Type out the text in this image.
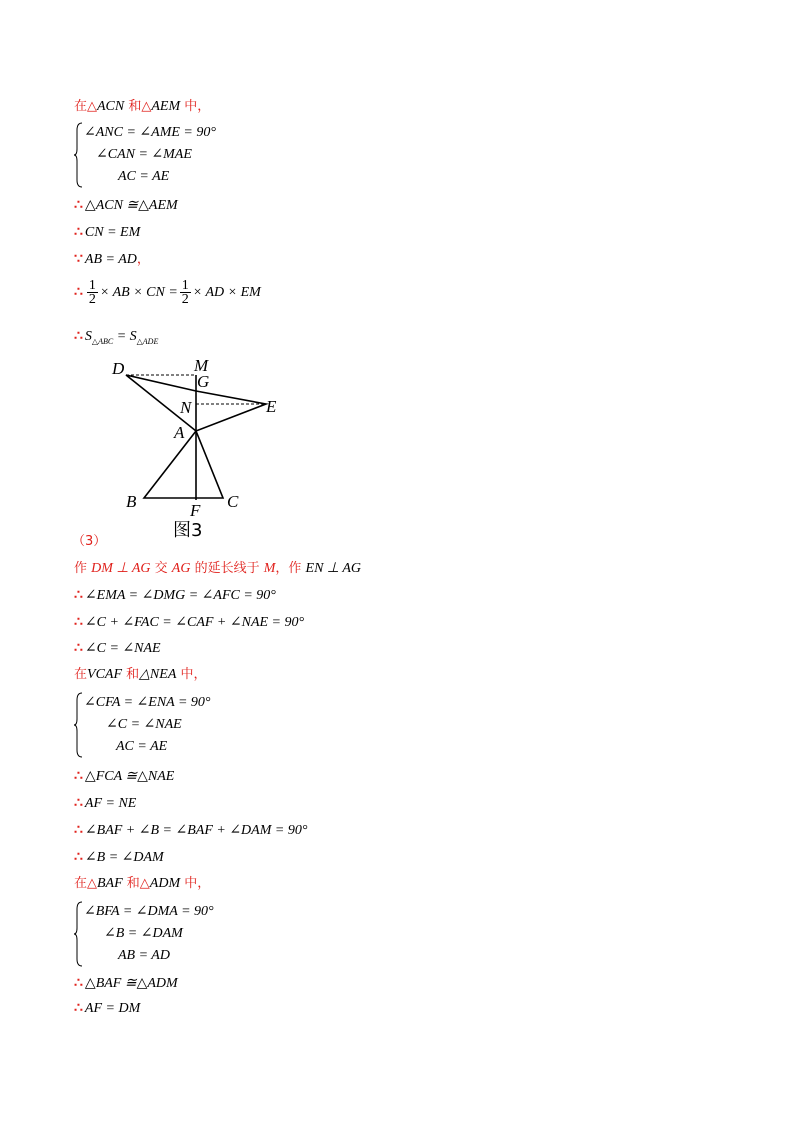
在△ACN 和△AEM 中，
∠ANC = ∠AME = 90°
∠CAN = ∠MAE
AC = AE
∴ △ACN ≅△AEM
∴ CN = EM
∵ AB = AD，
∴ $\frac{1}{2}$ × AB × CN = $\frac{1}{2}$ × AD × EM
∴ $S_{\triangle ABC} = S_{\triangle ADE}$
D	M
G
N	E
A
B	F C
图3
（3）
作 DM ⊥ AG 交 AG 的延长线于 M，作 EN ⊥ AG
∴ ∠EMA = ∠DMG = ∠AFC = 90°
∴ ∠C + ∠FAC = ∠CAF + ∠NAE = 90°
∴ ∠C = ∠NAE
在VCAF 和△NEA 中，
∠CFA = ∠ENA = 90°
∠C = ∠NAE
AC = AE
∴ △FCA ≅△NAE
∴ AF = NE
∴ ∠BAF + ∠B = ∠BAF + ∠DAM = 90°
∴ ∠B = ∠DAM
在△BAF 和△ADM 中，
∠BFA = ∠DMA = 90°
∠B = ∠DAM
AB = AD
∴ △BAF ≅△ADM
∴ AF = DM
